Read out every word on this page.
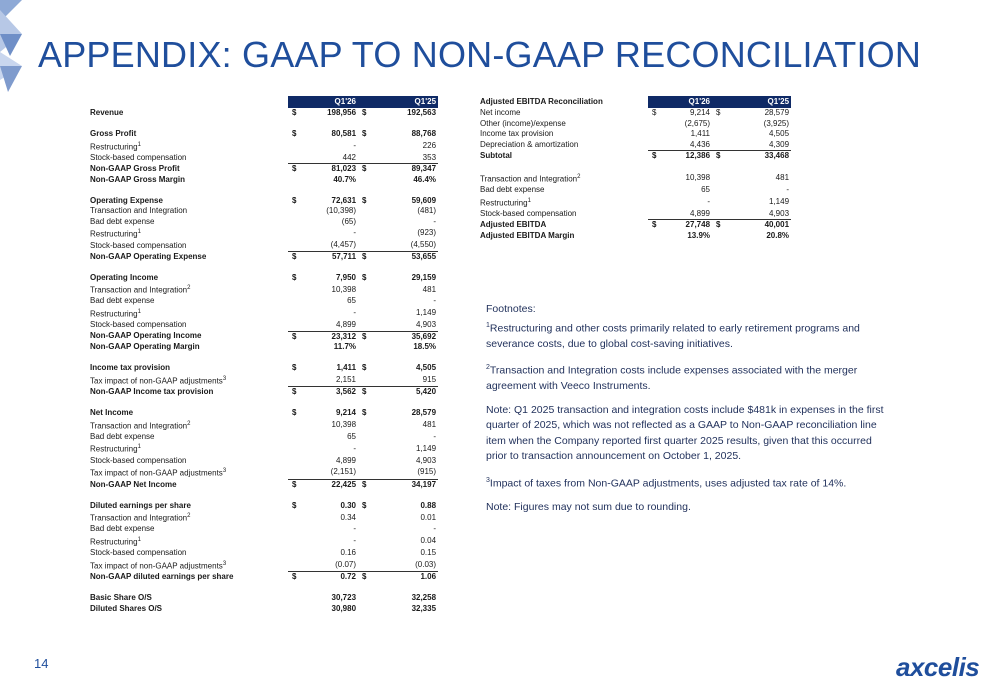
APPENDIX: GAAP TO NON-GAAP RECONCILIATION
	Q1'26		Q1'25	
Revenue	$	198,956	$	192,563

Gross Profit	$	80,581	$	88,768
Restructuring$^1$		-		226
Stock-based compensation		442		353
Non-GAAP Gross Profit	$	81,023	$	89,347
Non-GAAP Gross Margin		40.7%		46.4%

Operating Expense	$	72,631	$	59,609
Transaction and Integration		(10,398)		(481)
Bad debt expense		(65)		-
Restructuring$^1$		-		(923)
Stock-based compensation		(4,457)		(4,550)
Non-GAAP Operating Expense	$	57,711	$	53,655

Operating Income	$	7,950	$	29,159
Transaction and Integration$^2$		10,398		481
Bad debt expense		65		-
Restructuring$^1$		-		1,149
Stock-based compensation		4,899		4,903
Non-GAAP Operating Income	$	23,312	$	35,692
Non-GAAP Operating Margin		11.7%		18.5%

Income tax provision	$	1,411	$	4,505
Tax impact of non-GAAP adjustments$^3$		2,151		915
Non-GAAP Income tax provision	$	3,562	$	5,420

Net Income	$	9,214	$	28,579
Transaction and Integration$^2$		10,398		481
Bad debt expense		65		-
Restructuring$^1$		-		1,149
Stock-based compensation		4,899		4,903
Tax impact of non-GAAP adjustments$^3$		(2,151)		(915)
Non-GAAP Net Income	$	22,425	$	34,197

Diluted earnings per share	$	0.30	$	0.88
Transaction and Integration$^2$		0.34		0.01
Bad debt expense		-		-
Restructuring$^1$		-		0.04
Stock-based compensation		0.16		0.15
Tax impact of non-GAAP adjustments$^3$		(0.07)		(0.03)
Non-GAAP diluted earnings per share	$	0.72	$	1.06

Basic Share O/S		30,723		32,258
Diluted Shares O/S		30,980		32,335
Adjusted EBITDA Reconciliation	Q1'26		Q1'25	
Net income	$	9,214	$	28,579
Other (income)/expense		(2,675)		(3,925)
Income tax provision		1,411		4,505
Depreciation & amortization		4,436		4,309
Subtotal	$	12,386	$	33,468

Transaction and Integration$^2$		10,398		481
Bad debt expense		65		-
Restructuring$^1$		-		1,149
Stock-based compensation		4,899		4,903
Adjusted EBITDA	$	27,748	$	40,001
Adjusted EBITDA Margin		13.9%		20.8%

Footnotes:

$^1$Restructuring and other costs primarily related to early retirement programs and severance costs, due to global cost-saving initiatives.

$^2$Transaction and Integration costs include expenses associated with the merger agreement with Veeco Instruments.

Note: Q1 2025 transaction and integration costs include $481k in expenses in the first quarter of 2025, which was not reflected as a GAAP to Non-GAAP reconciliation line item when the Company reported first quarter 2025 results, given that this occurred prior to transaction announcement on October 1, 2025.

$^3$Impact of taxes from Non-GAAP adjustments, uses adjusted tax rate of 14%.

Note: Figures may not sum due to rounding.

14	axcelis
